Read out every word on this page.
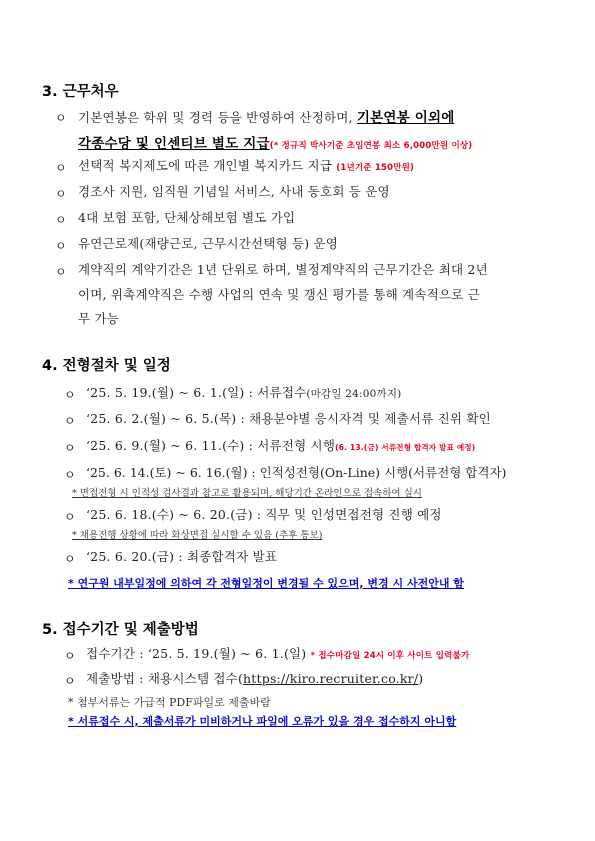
3. 근무처우
ㅇ 기본연봉은 학위 및 경력 등을 반영하여 산정하며, 기본연봉 이외에
각종수당 및 인센티브 별도 지급(* 정규직 박사기준 초임연봉 최소 6,000만원 이상)
ㅇ 선택적 복지제도에 따른 개인별 복지카드 지급 (1년기준 150만원)
ㅇ 경조사 지원, 임직원 기념일 서비스, 사내 동호회 등 운영
ㅇ 4대 보험 포함, 단체상해보험 별도 가입
ㅇ 유연근로제(재량근로, 근무시간선택형 등) 운영
ㅇ 계약직의 계약기간은 1년 단위로 하며, 별정계약직의 근무기간은 최대 2년
이며, 위촉계약직은 수행 사업의 연속 및 갱신 평가를 통해 계속적으로 근
무 가능
4. 전형절차 및 일정
ㅇ ‘25. 5. 19.(월) ~ 6. 1.(일) : 서류접수(마감일 24:00까지)
ㅇ ‘25. 6. 2.(월) ~ 6. 5.(목) : 채용분야별 응시자격 및 제출서류 진위 확인
ㅇ ‘25. 6. 9.(월) ~ 6. 11.(수) : 서류전형 시행(6. 13.(금) 서류전형 합격자 발표 예정)
ㅇ ‘25. 6. 14.(토) ~ 6. 16.(월) : 인적성전형(On-Line) 시행(서류전형 합격자)
* 면접전형 시 인적성 검사결과 참고로 활용되며, 해당기간 온라인으로 접속하여 실시
ㅇ ‘25. 6. 18.(수) ~ 6. 20.(금) : 직무 및 인성면접전형 진행 예정
* 채용진행 상황에 따라 화상면접 실시할 수 있음 (추후 통보)
ㅇ ‘25. 6. 20.(금) : 최종합격자 발표
* 연구원 내부일정에 의하여 각 전형일정이 변경될 수 있으며, 변경 시 사전안내 함
5. 접수기간 및 제출방법
ㅇ 접수기간 : ‘25. 5. 19.(월) ~ 6. 1.(일) * 접수마감일 24시 이후 사이트 입력불가
ㅇ 제출방법 : 채용시스템 접수(https://kiro.recruiter.co.kr/)
* 첨부서류는 가급적 PDF파일로 제출바람
* 서류접수 시, 제출서류가 미비하거나 파일에 오류가 있을 경우 접수하지 아니함
